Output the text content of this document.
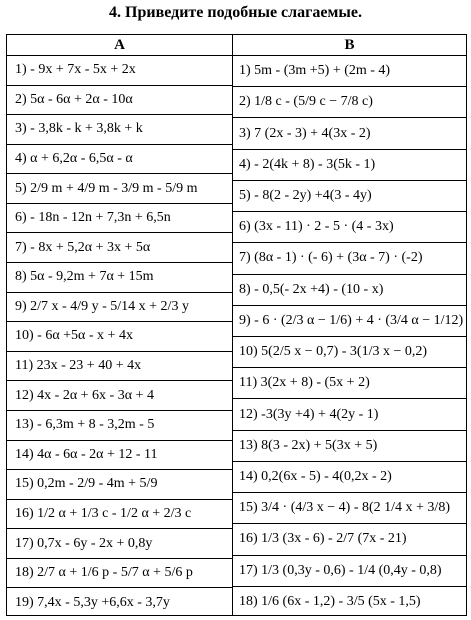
4. Приведите подобные слагаемые.
A
1) - 9x + 7x - 5x + 2x
2) 5α - 6α + 2α - 10α
3) - 3,8k - k + 3,8k + k
4) α + 6,2α - 6,5α - α
5) 2/9 m + 4/9 m - 3/9 m - 5/9 m
6) - 18n - 12n + 7,3n + 6,5n
7) - 8x + 5,2α + 3x + 5α
8) 5α - 9,2m + 7α + 15m
9) 2/7 x - 4/9 y - 5/14 x + 2/3 y
10) - 6α +5α - x + 4x
11) 23x - 23 + 40 + 4x
12) 4x - 2α + 6x - 3α + 4
13) - 6,3m + 8 - 3,2m - 5
14) 4α - 6α - 2α + 12 - 11
15) 0,2m - 2/9 - 4m + 5/9
16) 1/2 α + 1/3 c - 1/2 α + 2/3 c
17) 0,7x - 6y - 2x + 0,8y
18) 2/7 α + 1/6 p - 5/7 α + 5/6 p
19) 7,4x - 5,3y +6,6x - 3,7y
B
1) 5m - (3m +5) + (2m - 4)
2) 1/8 c - (5/9 c − 7/8 c)
3) 7 (2x - 3) + 4(3x - 2)
4) - 2(4k + 8) - 3(5k - 1)
5) - 8(2 - 2y) +4(3 - 4y)
6) (3x - 11) · 2 - 5 · (4 - 3x)
7) (8α - 1) · (- 6) + (3α - 7) · (-2)
8) - 0,5(- 2x +4) - (10 - x)
9) - 6 · (2/3 α − 1/6) + 4 · (3/4 α − 1/12)
10) 5(2/5 x − 0,7) - 3(1/3 x − 0,2)
11) 3(2x + 8) - (5x + 2)
12) -3(3y +4) + 4(2y - 1)
13) 8(3 - 2x) + 5(3x + 5)
14) 0,2(6x - 5) - 4(0,2x - 2)
15) 3/4 · (4/3 x − 4) - 8(2 1/4 x + 3/8)
16) 1/3 (3x - 6) - 2/7 (7x - 21)
17) 1/3 (0,3y - 0,6) - 1/4 (0,4y - 0,8)
18) 1/6 (6x - 1,2) - 3/5 (5x - 1,5)
